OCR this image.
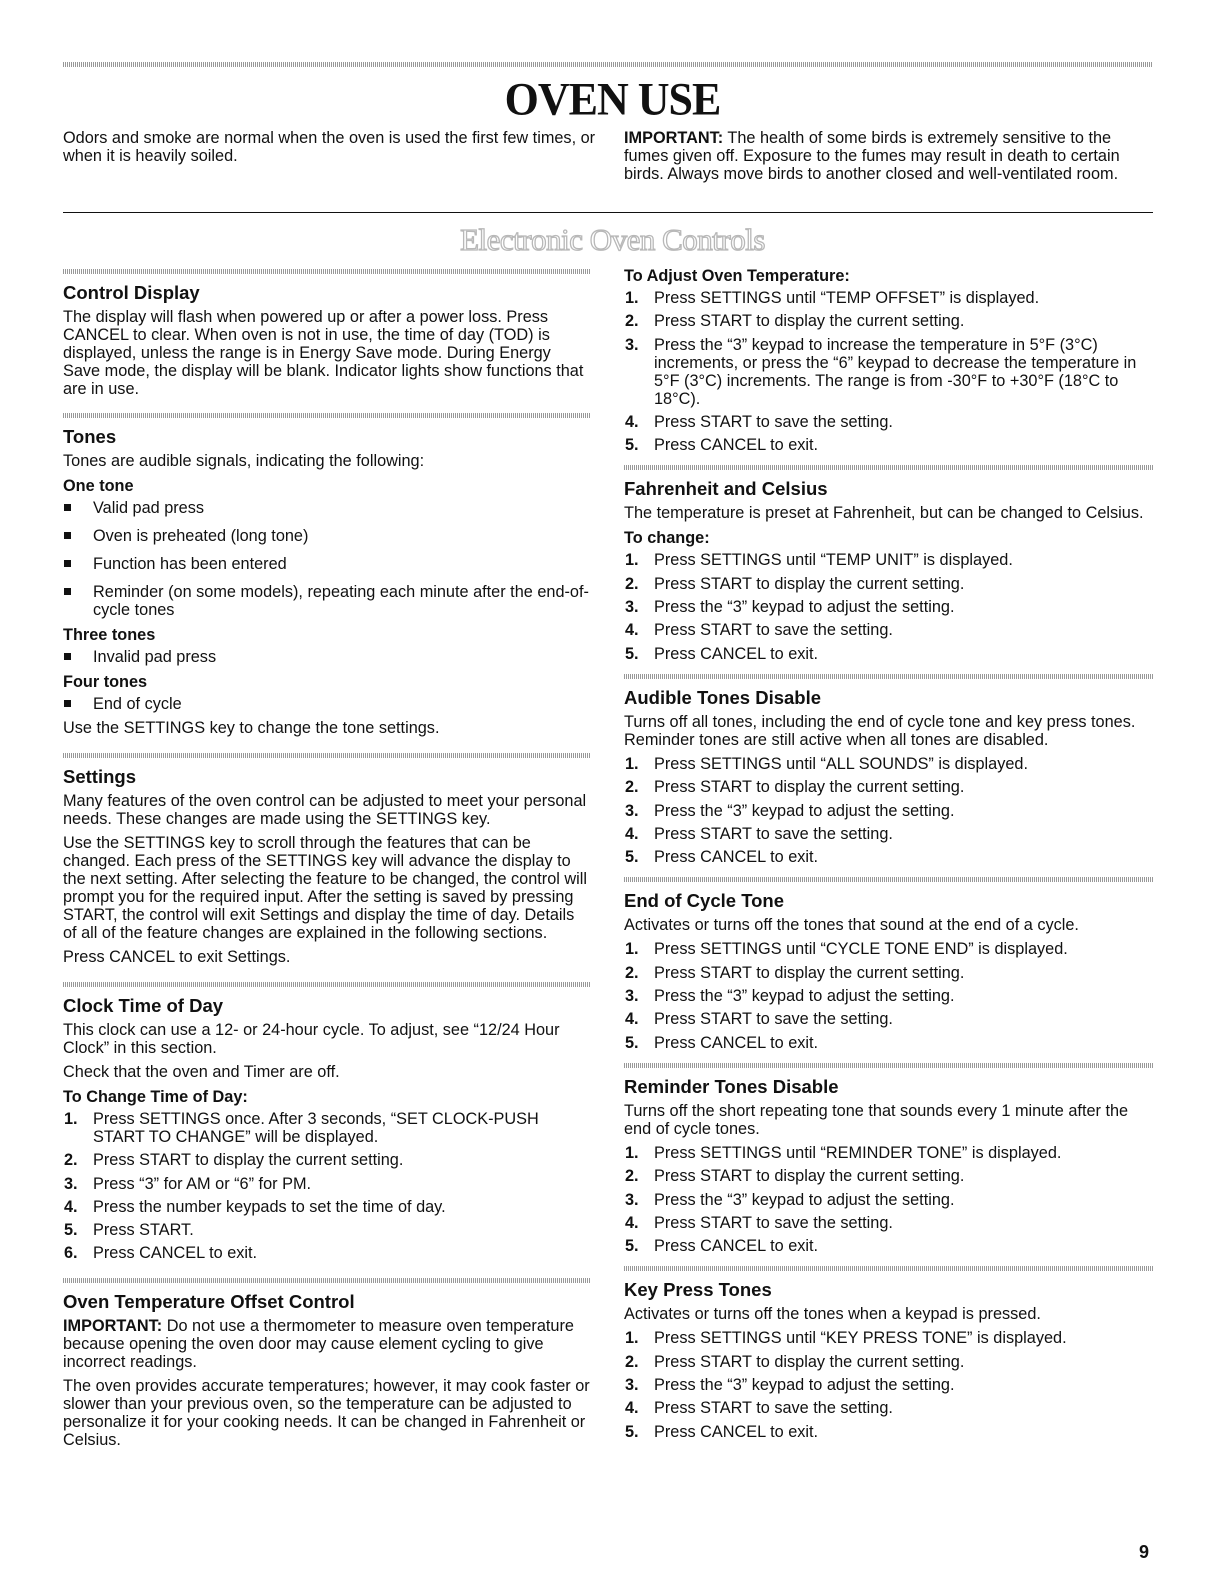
OVEN USE
Odors and smoke are normal when the oven is used the first few times, or when it is heavily soiled.
IMPORTANT: The health of some birds is extremely sensitive to the fumes given off. Exposure to the fumes may result in death to certain birds. Always move birds to another closed and well-ventilated room.
Electronic Oven Controls
Control Display

The display will flash when powered up or after a power loss. Press CANCEL to clear. When oven is not in use, the time of day (TOD) is displayed, unless the range is in Energy Save mode. During Energy Save mode, the display will be blank. Indicator lights show functions that are in use.

Tones

Tones are audible signals, indicating the following:

One tone
Valid pad press
Oven is preheated (long tone)
Function has been entered
Reminder (on some models), repeating each minute after the end-of-cycle tones
Three tones
Invalid pad press
Four tones
End of cycle

Use the SETTINGS key to change the tone settings.

Settings

Many features of the oven control can be adjusted to meet your personal needs. These changes are made using the SETTINGS key.

Use the SETTINGS key to scroll through the features that can be changed. Each press of the SETTINGS key will advance the display to the next setting. After selecting the feature to be changed, the control will prompt you for the required input. After the setting is saved by pressing START, the control will exit Settings and display the time of day. Details of all of the feature changes are explained in the following sections.

Press CANCEL to exit Settings.

Clock Time of Day

This clock can use a 12- or 24-hour cycle. To adjust, see “12/24 Hour Clock” in this section.

Check that the oven and Timer are off.

To Change Time of Day:
1. Press SETTINGS once. After 3 seconds, “SET CLOCK-PUSH START TO CHANGE” will be displayed.
2. Press START to display the current setting.
3. Press “3” for AM or “6” for PM.
4. Press the number keypads to set the time of day.
5. Press START.
6. Press CANCEL to exit.
Oven Temperature Offset Control

IMPORTANT: Do not use a thermometer to measure oven temperature because opening the oven door may cause element cycling to give incorrect readings.

The oven provides accurate temperatures; however, it may cook faster or slower than your previous oven, so the temperature can be adjusted to personalize it for your cooking needs. It can be changed in Fahrenheit or Celsius.

To Adjust Oven Temperature:
1. Press SETTINGS until “TEMP OFFSET” is displayed.
2. Press START to display the current setting.
3. Press the “3” keypad to increase the temperature in 5°F (3°C) increments, or press the “6” keypad to decrease the temperature in 5°F (3°C) increments. The range is from -30°F to +30°F (18°C to 18°C).
4. Press START to save the setting.
5. Press CANCEL to exit.
Fahrenheit and Celsius

The temperature is preset at Fahrenheit, but can be changed to Celsius.

To change:
1. Press SETTINGS until “TEMP UNIT” is displayed.
2. Press START to display the current setting.
3. Press the “3” keypad to adjust the setting.
4. Press START to save the setting.
5. Press CANCEL to exit.
Audible Tones Disable

Turns off all tones, including the end of cycle tone and key press tones. Reminder tones are still active when all tones are disabled.

1. Press SETTINGS until “ALL SOUNDS” is displayed.
2. Press START to display the current setting.
3. Press the “3” keypad to adjust the setting.
4. Press START to save the setting.
5. Press CANCEL to exit.
End of Cycle Tone

Activates or turns off the tones that sound at the end of a cycle.

1. Press SETTINGS until “CYCLE TONE END” is displayed.
2. Press START to display the current setting.
3. Press the “3” keypad to adjust the setting.
4. Press START to save the setting.
5. Press CANCEL to exit.
Reminder Tones Disable

Turns off the short repeating tone that sounds every 1 minute after the end of cycle tones.

1. Press SETTINGS until “REMINDER TONE” is displayed.
2. Press START to display the current setting.
3. Press the “3” keypad to adjust the setting.
4. Press START to save the setting.
5. Press CANCEL to exit.
Key Press Tones

Activates or turns off the tones when a keypad is pressed.

1. Press SETTINGS until “KEY PRESS TONE” is displayed.
2. Press START to display the current setting.
3. Press the “3” keypad to adjust the setting.
4. Press START to save the setting.
5. Press CANCEL to exit.
9
